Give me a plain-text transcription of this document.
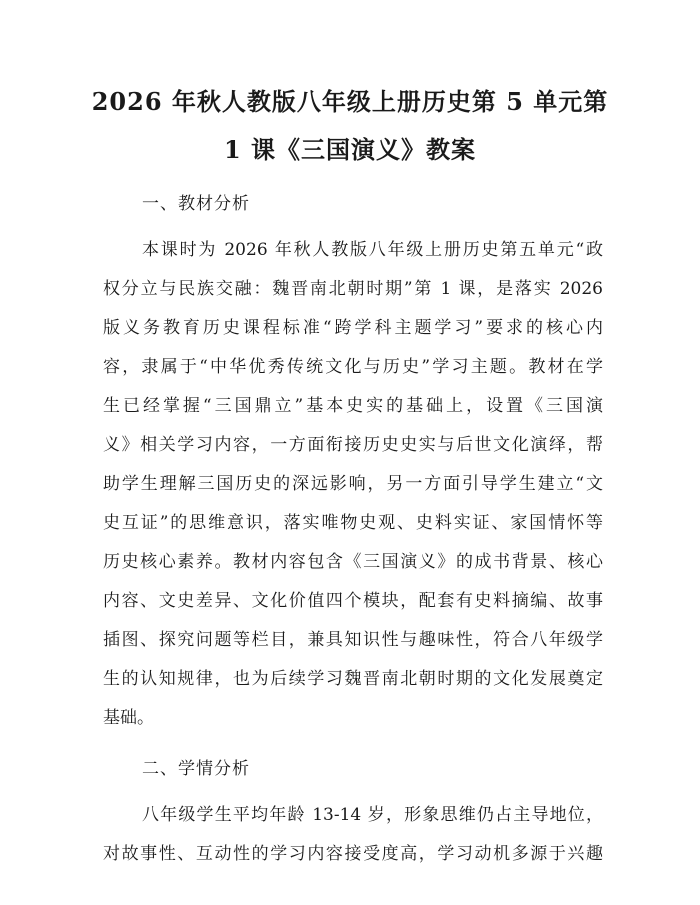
2026 年秋人教版八年级上册历史第 5 单元第
1 课《三国演义》教案
一、教材分析
本课时为 2026 年秋人教版八年级上册历史第五单元“政
权分立与民族交融：魏晋南北朝时期”第 1 课，是落实 2026
版义务教育历史课程标准“跨学科主题学习”要求的核心内
容，隶属于“中华优秀传统文化与历史”学习主题。教材在学
生已经掌握“三国鼎立”基本史实的基础上，设置《三国演
义》相关学习内容，一方面衔接历史史实与后世文化演绎，帮
助学生理解三国历史的深远影响，另一方面引导学生建立“文
史互证”的思维意识，落实唯物史观、史料实证、家国情怀等
历史核心素养。教材内容包含《三国演义》的成书背景、核心
内容、文史差异、文化价值四个模块，配套有史料摘编、故事
插图、探究问题等栏目，兼具知识性与趣味性，符合八年级学
生的认知规律，也为后续学习魏晋南北朝时期的文化发展奠定
基础。
二、学情分析
八年级学生平均年龄 13-14 岁，形象思维仍占主导地位，
对故事性、互动性的学习内容接受度高，学习动机多源于兴趣
